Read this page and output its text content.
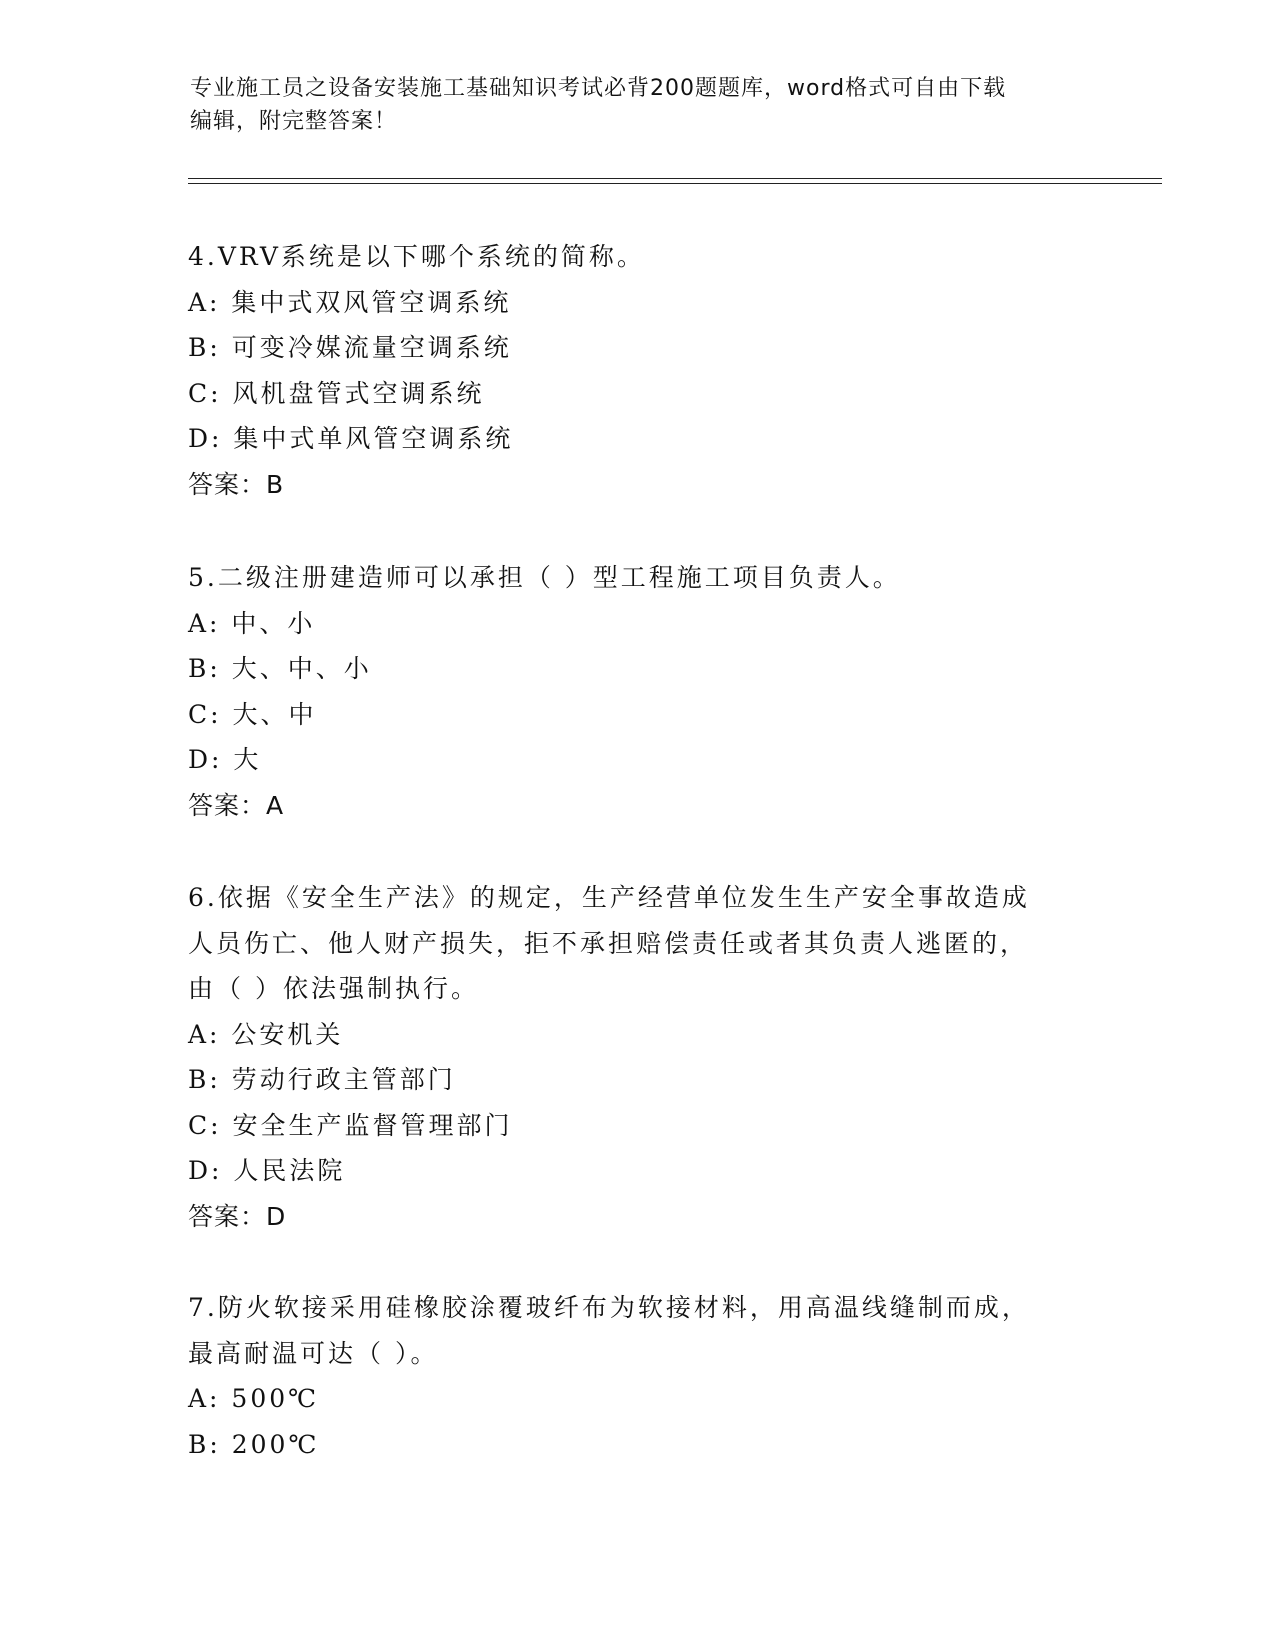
专业施工员之设备安装施工基础知识考试必背200题题库，word格式可自由下载
编辑，附完整答案！
4.VRV系统是以下哪个系统的简称。
A: 集中式双风管空调系统
B: 可变冷媒流量空调系统
C: 风机盘管式空调系统
D: 集中式单风管空调系统
答案：B
5.二级注册建造师可以承担（ ）型工程施工项目负责人。
A: 中、小
B: 大、中、小
C: 大、中
D: 大
答案：A
6.依据《安全生产法》的规定，生产经营单位发生生产安全事故造成
人员伤亡、他人财产损失，拒不承担赔偿责任或者其负责人逃匿的，
由（ ）依法强制执行。
A: 公安机关
B: 劳动行政主管部门
C: 安全生产监督管理部门
D: 人民法院
答案：D
7.防火软接采用硅橡胶涂覆玻纤布为软接材料，用高温线缝制而成，
最高耐温可达（ ）。
A: 500℃
B: 200℃
